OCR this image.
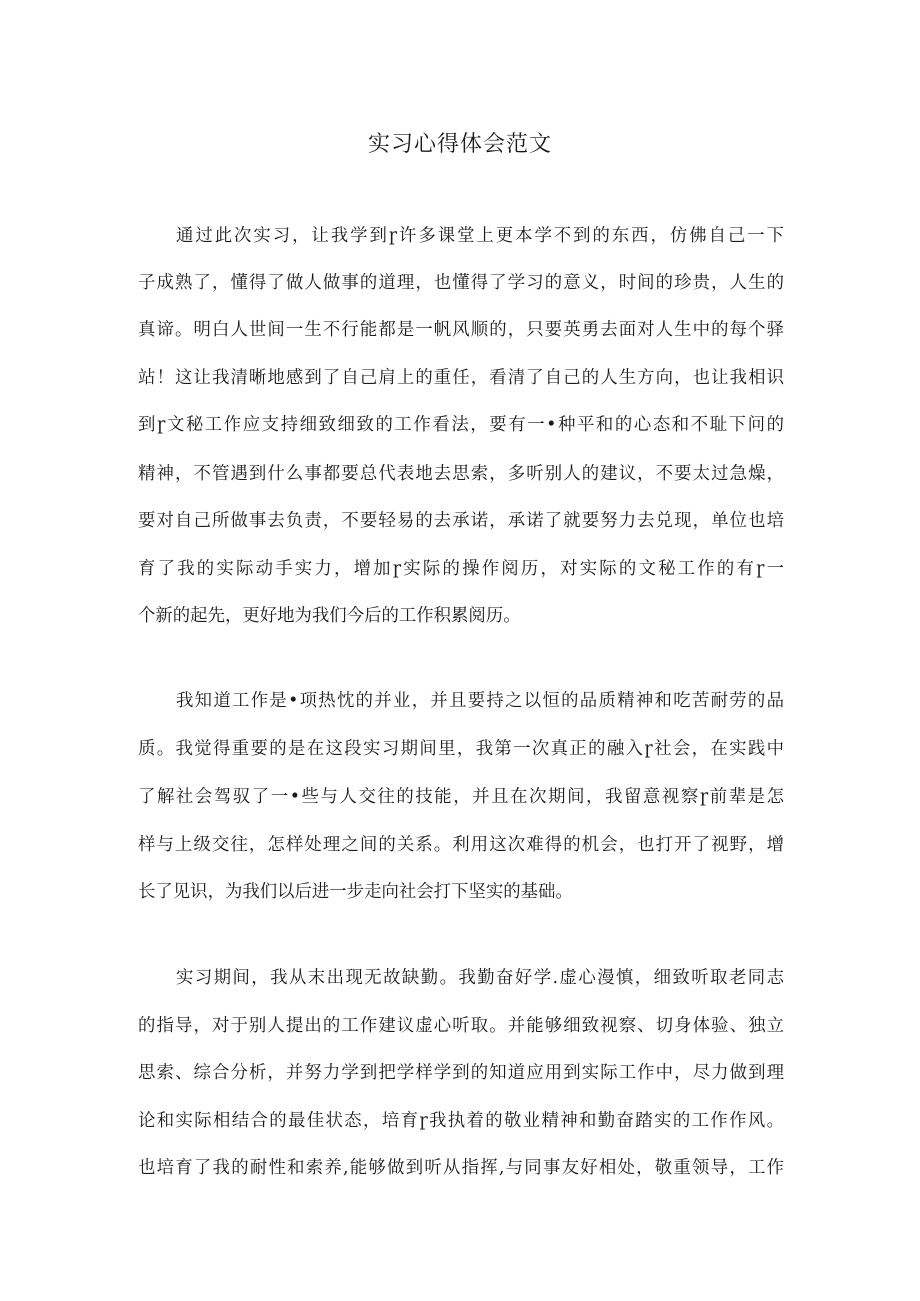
实习心得体会范文

通过此次实习，让我学到ɼ许多课堂上更本学不到的东西，仿佛自己一下

子成熟了，懂得了做人做事的道理，也懂得了学习的意义，时间的珍贵，人生的

真谛。明白人世间一生不行能都是一帆风顺的，只要英勇去面对人生中的每个驿

站！这让我清晰地感到了自己肩上的重任，看清了自己的人生方向，也让我相识

到ɼ文秘工作应支持细致细致的工作看法，要有一•种平和的心态和不耻下问的

精神，不管遇到什么事都要总代表地去思索，多听别人的建议，不要太过急燥，

要对自己所做事去负责，不要轻易的去承诺，承诺了就要努力去兑现，单位也培

育了我的实际动手实力，增加ɼ实际的操作阅历，对实际的文秘工作的有ɼ一

个新的起先，更好地为我们今后的工作积累阅历。

我知道工作是•项热忱的并业，并且要持之以恒的品质精神和吃苦耐劳的品

质。我觉得重要的是在这段实习期间里，我第一次真正的融入ɼ社会，在实践中

了解社会驾驭了一•些与人交往的技能，并且在次期间，我留意视察ɼ前辈是怎

样与上级交往，怎样处理之间的关系。利用这次难得的机会，也打开了视野，增

长了见识，为我们以后进一步走向社会打下坚实的基础。

实习期间，我从末出现无故缺勤。我勤奋好学.虚心漫慎，细致听取老同志

的指导，对于别人提出的工作建议虚心听取。并能够细致视察、切身体验、独立

思索、综合分析，并努力学到把学样学到的知道应用到实际工作中，尽力做到理

论和实际相结合的最佳状态，培育ɼ我执着的敬业精神和勤奋踏实的工作作风。

也培育了我的耐性和索养,能够做到听从指挥,与同事友好相处，敬重领导，工作
